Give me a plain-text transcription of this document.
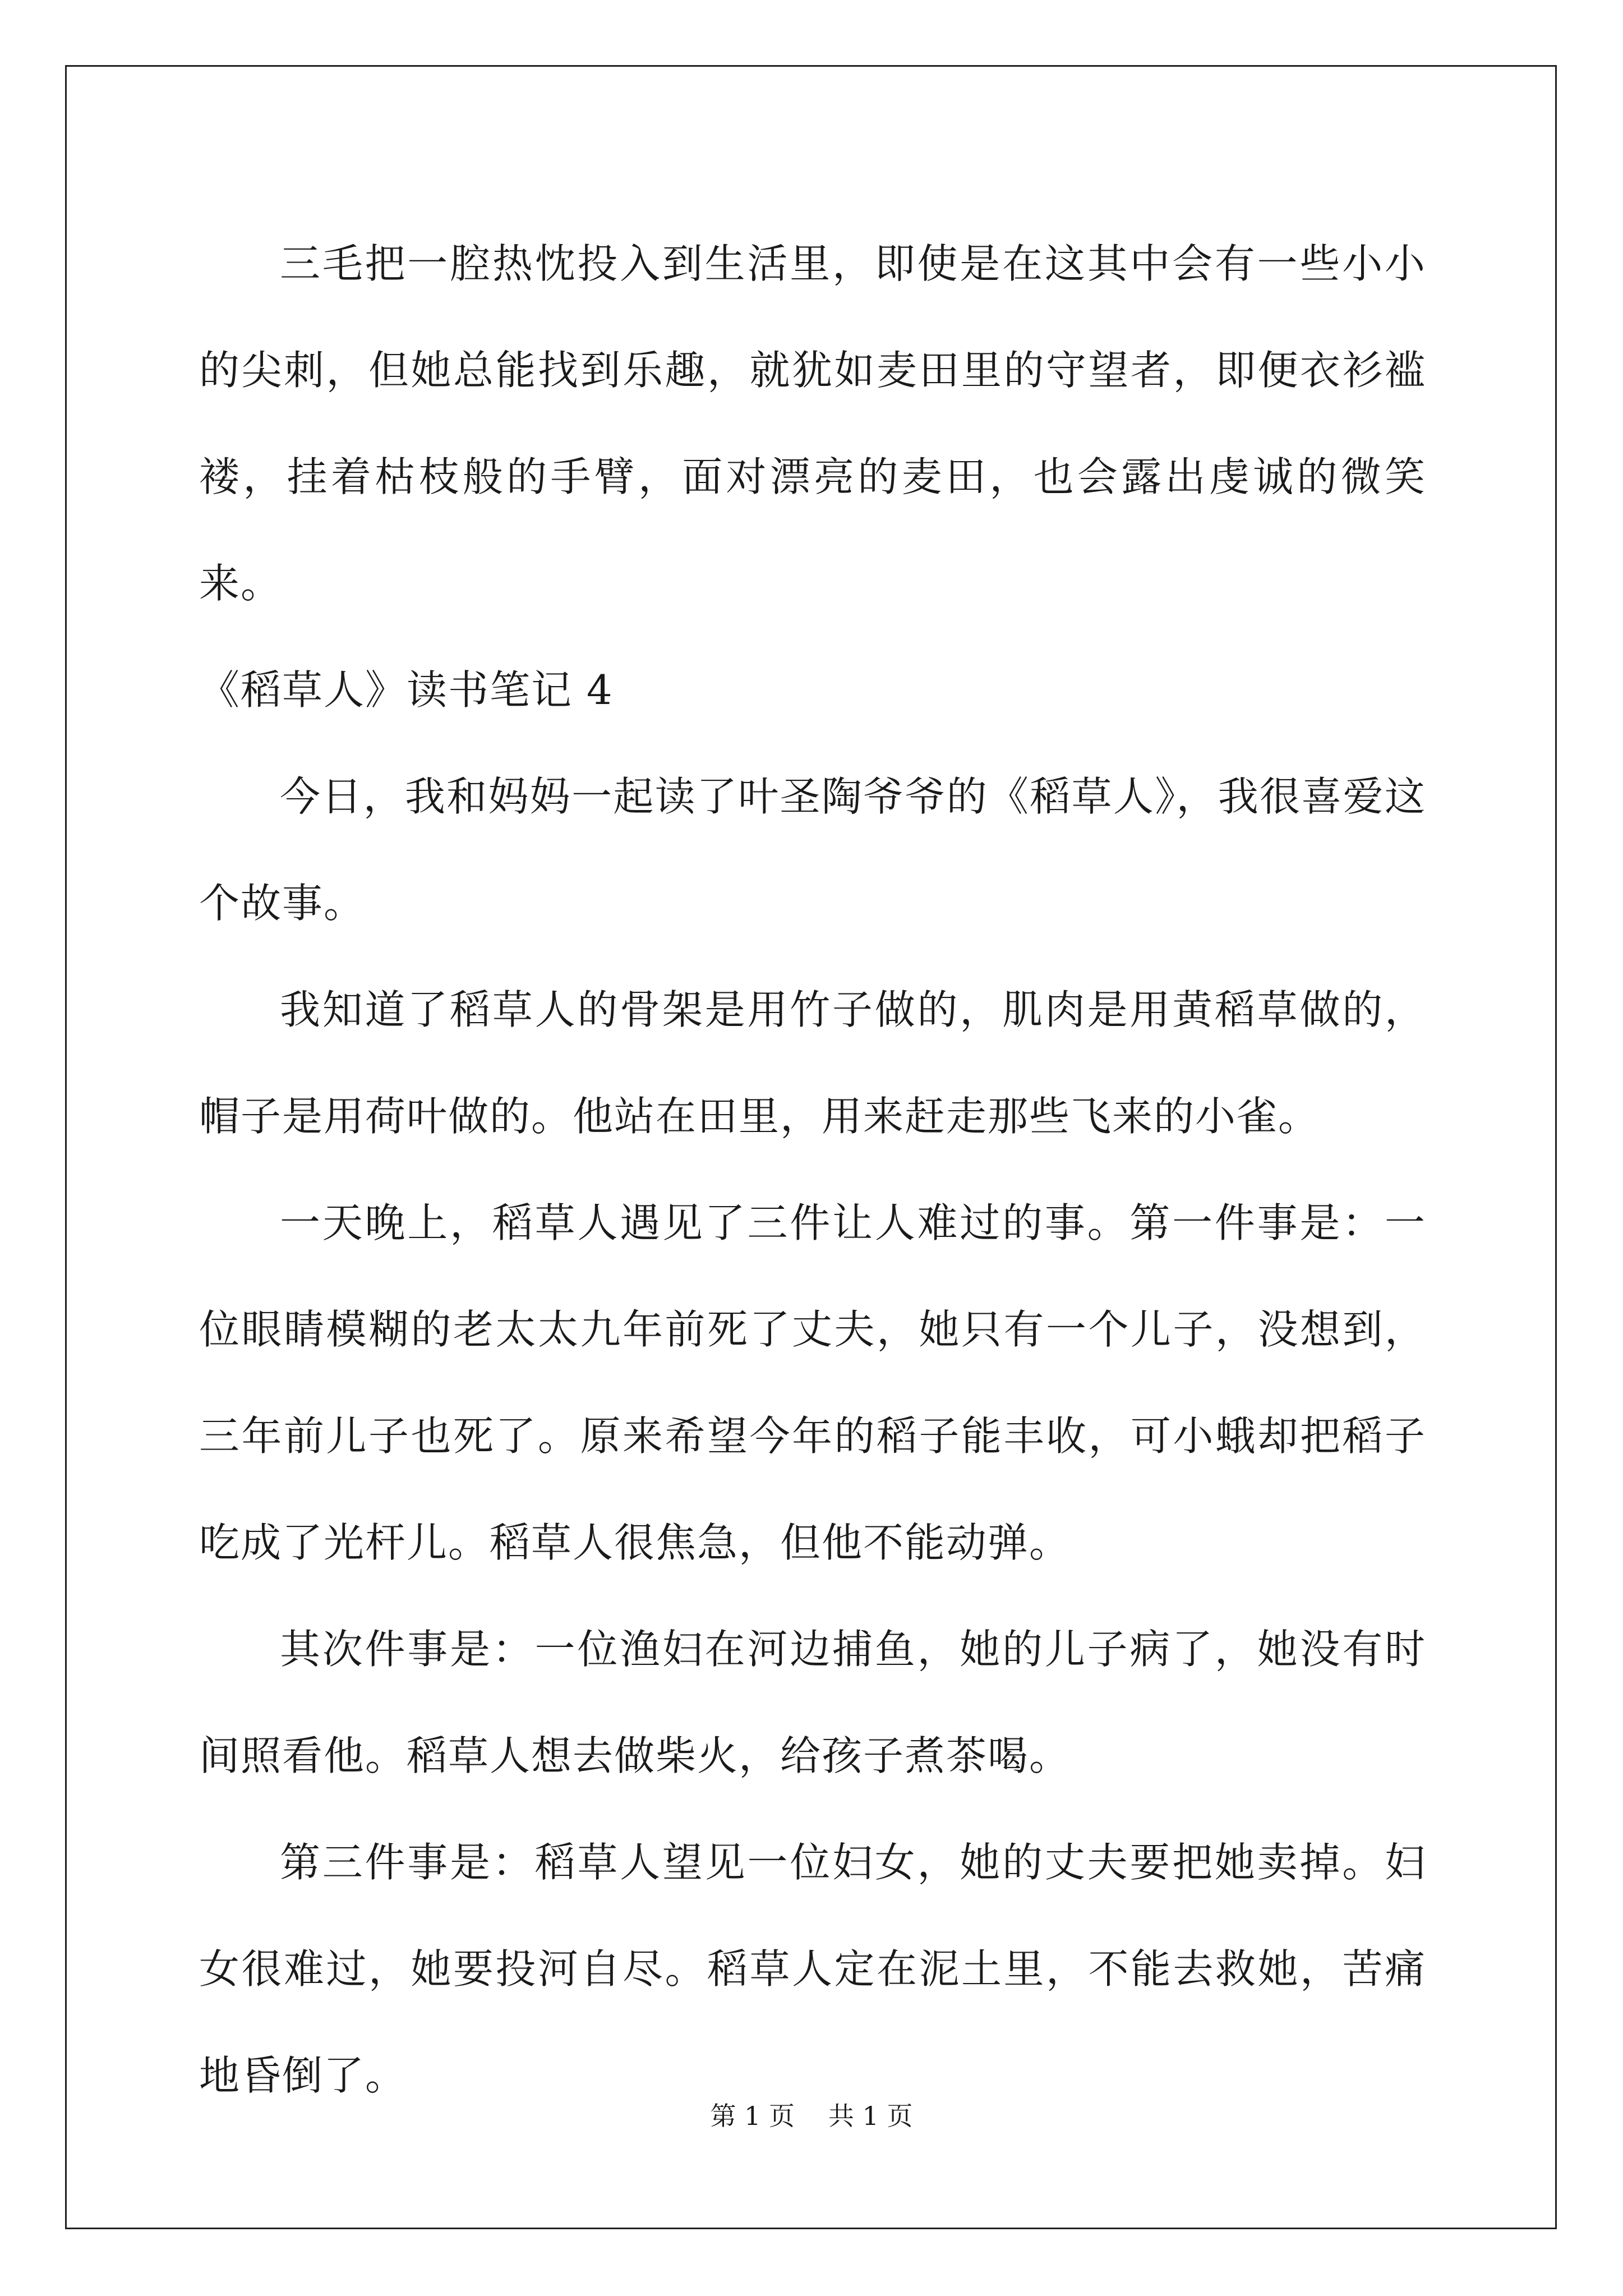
三毛把一腔热忱投入到生活里，即使是在这其中会有一些小小的尖刺，但她总能找到乐趣，就犹如麦田里的守望者，即便衣衫褴褛，挂着枯枝般的手臂，面对漂亮的麦田，也会露出虔诚的微笑来。

《稻草人》读书笔记 4

今日，我和妈妈一起读了叶圣陶爷爷的《稻草人》，我很喜爱这个故事。

我知道了稻草人的骨架是用竹子做的，肌肉是用黄稻草做的，帽子是用荷叶做的。他站在田里，用来赶走那些飞来的小雀。

一天晚上，稻草人遇见了三件让人难过的事。第一件事是：一位眼睛模糊的老太太九年前死了丈夫，她只有一个儿子，没想到，三年前儿子也死了。原来希望今年的稻子能丰收，可小蛾却把稻子吃成了光杆儿。稻草人很焦急，但他不能动弹。

其次件事是：一位渔妇在河边捕鱼，她的儿子病了，她没有时间照看他。稻草人想去做柴火，给孩子煮茶喝。

第三件事是：稻草人望见一位妇女，她的丈夫要把她卖掉。妇女很难过，她要投河自尽。稻草人定在泥土里，不能去救她，苦痛地昏倒了。

第 1 页 共 1 页
